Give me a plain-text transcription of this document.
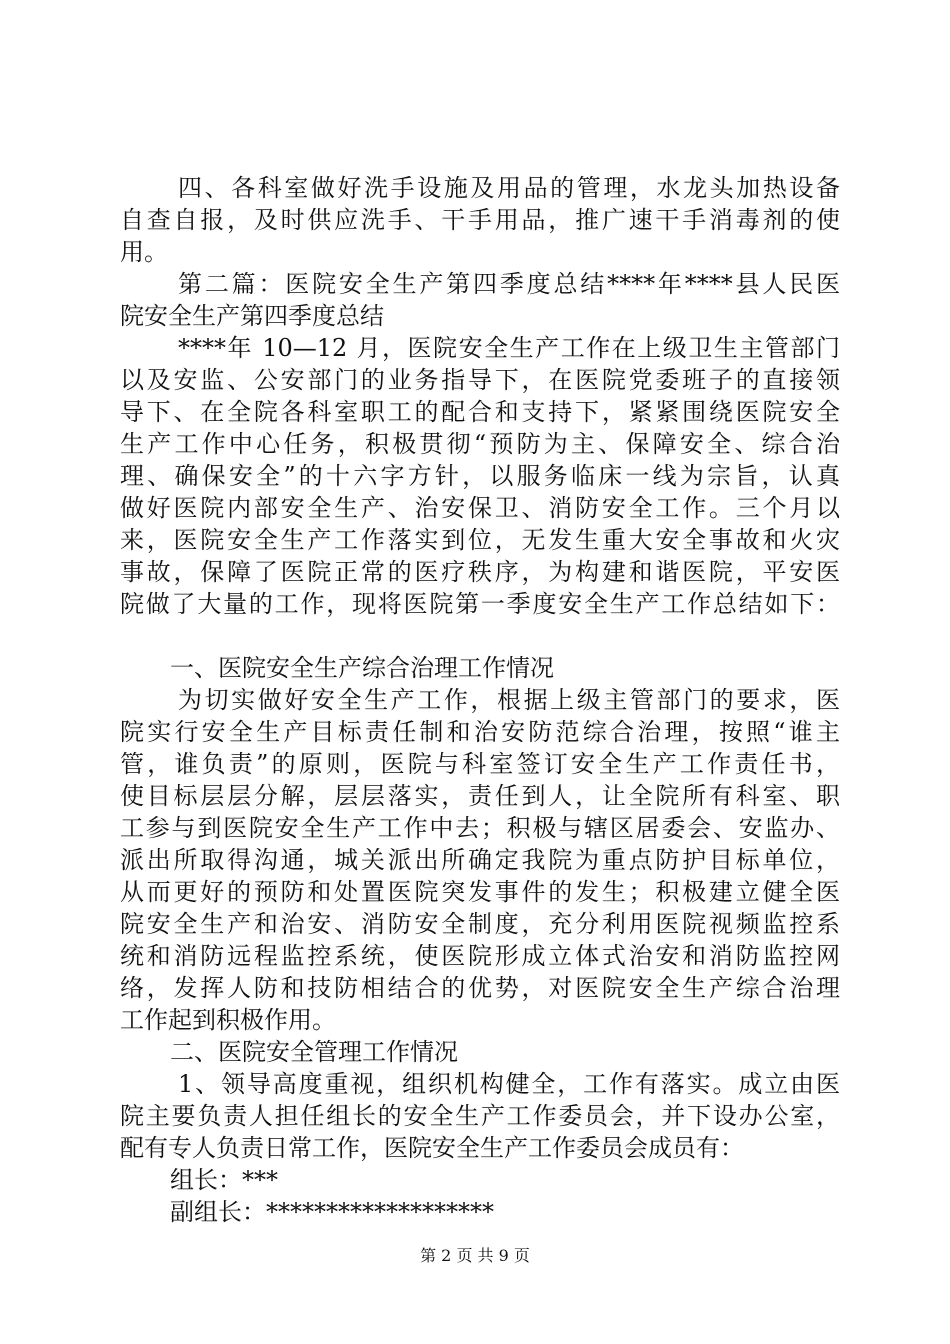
四、各科室做好洗手设施及用品的管理，水龙头加热设备
自查自报，及时供应洗手、干手用品，推广速干手消毒剂的使
用。
第二篇：医院安全生产第四季度总结****年****县人民医
院安全生产第四季度总结
****年 10—12 月，医院安全生产工作在上级卫生主管部门
以及安监、公安部门的业务指导下，在医院党委班子的直接领
导下、在全院各科室职工的配合和支持下，紧紧围绕医院安全
生产工作中心任务，积极贯彻“预防为主、保障安全、综合治
理、确保安全”的十六字方针，以服务临床一线为宗旨，认真
做好医院内部安全生产、治安保卫、消防安全工作。三个月以
来，医院安全生产工作落实到位，无发生重大安全事故和火灾
事故，保障了医院正常的医疗秩序，为构建和谐医院，平安医
院做了大量的工作，现将医院第一季度安全生产工作总结如下：
一、医院安全生产综合治理工作情况
为切实做好安全生产工作，根据上级主管部门的要求，医
院实行安全生产目标责任制和治安防范综合治理，按照“谁主
管，谁负责”的原则，医院与科室签订安全生产工作责任书，
使目标层层分解，层层落实，责任到人，让全院所有科室、职
工参与到医院安全生产工作中去；积极与辖区居委会、安监办、
派出所取得沟通，城关派出所确定我院为重点防护目标单位，
从而更好的预防和处置医院突发事件的发生；积极建立健全医
院安全生产和治安、消防安全制度，充分利用医院视频监控系
统和消防远程监控系统，使医院形成立体式治安和消防监控网
络，发挥人防和技防相结合的优势，对医院安全生产综合治理
工作起到积极作用。
二、医院安全管理工作情况
1、领导高度重视，组织机构健全，工作有落实。成立由医
院主要负责人担任组长的安全生产工作委员会，并下设办公室，
配有专人负责日常工作，医院安全生产工作委员会成员有：
组长：***
副组长：*******************
第 2 页 共 9 页
